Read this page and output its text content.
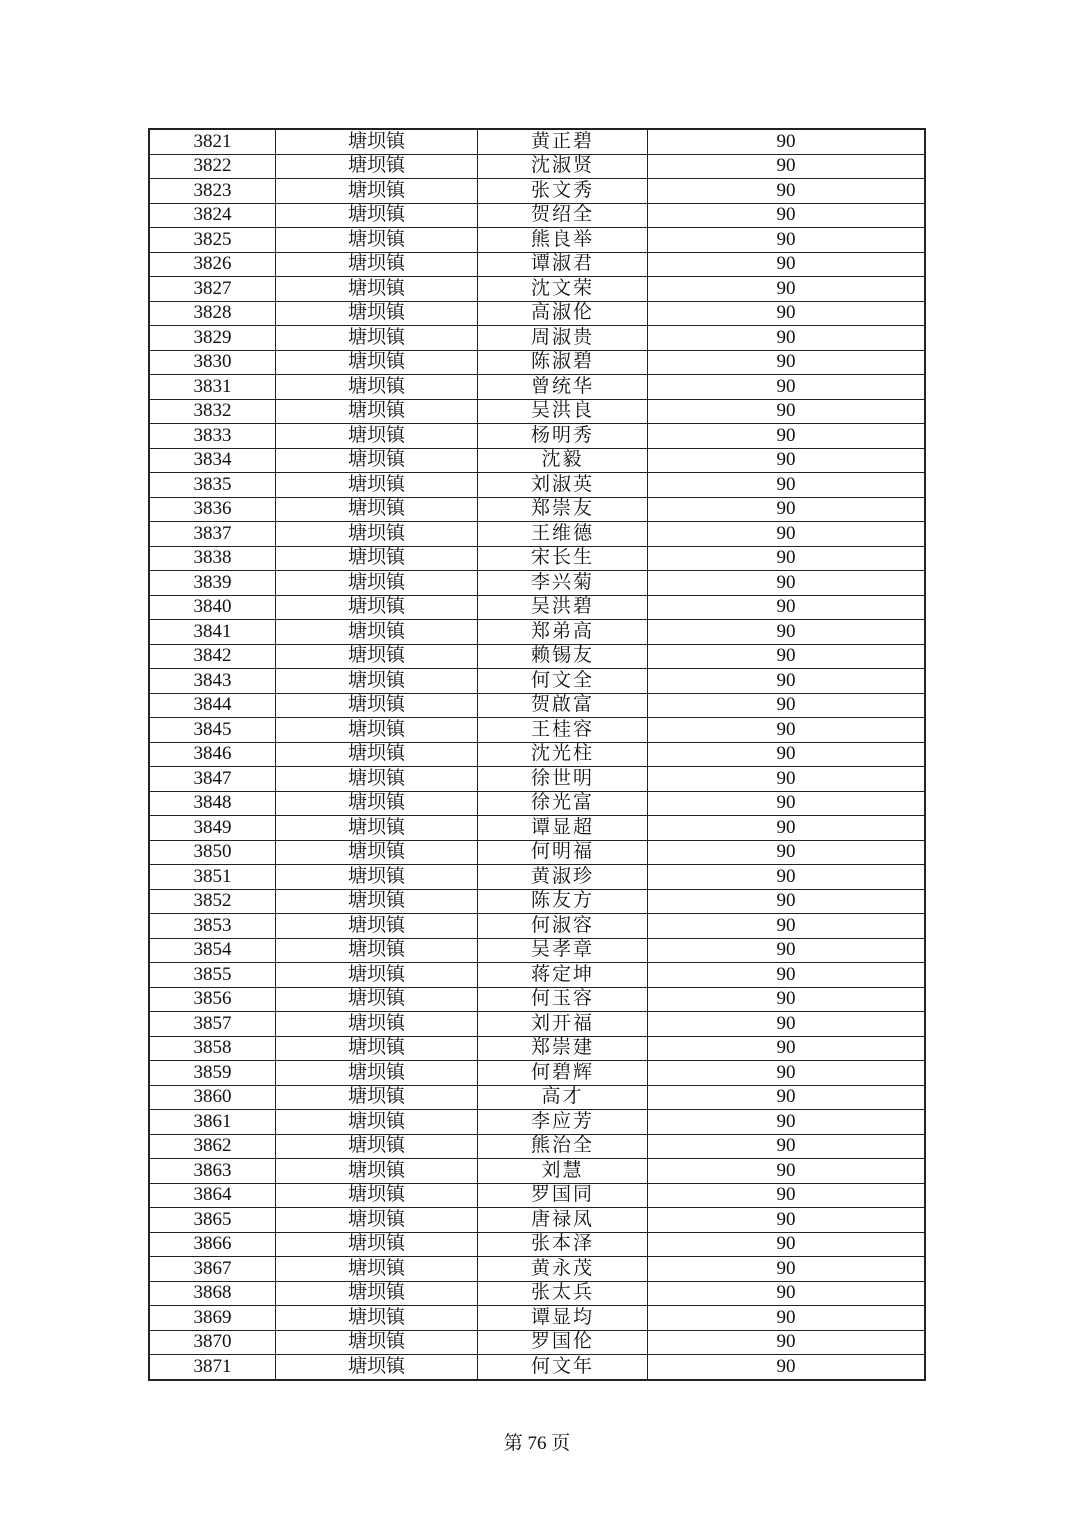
3821	塘坝镇	黄正碧	90
3822	塘坝镇	沈淑贤	90
3823	塘坝镇	张文秀	90
3824	塘坝镇	贺绍全	90
3825	塘坝镇	熊良举	90
3826	塘坝镇	谭淑君	90
3827	塘坝镇	沈文荣	90
3828	塘坝镇	高淑伦	90
3829	塘坝镇	周淑贵	90
3830	塘坝镇	陈淑碧	90
3831	塘坝镇	曾统华	90
3832	塘坝镇	吴洪良	90
3833	塘坝镇	杨明秀	90
3834	塘坝镇	沈毅	90
3835	塘坝镇	刘淑英	90
3836	塘坝镇	郑崇友	90
3837	塘坝镇	王维德	90
3838	塘坝镇	宋长生	90
3839	塘坝镇	李兴菊	90
3840	塘坝镇	吴洪碧	90
3841	塘坝镇	郑弟高	90
3842	塘坝镇	赖锡友	90
3843	塘坝镇	何文全	90
3844	塘坝镇	贺啟富	90
3845	塘坝镇	王桂容	90
3846	塘坝镇	沈光柱	90
3847	塘坝镇	徐世明	90
3848	塘坝镇	徐光富	90
3849	塘坝镇	谭显超	90
3850	塘坝镇	何明福	90
3851	塘坝镇	黄淑珍	90
3852	塘坝镇	陈友方	90
3853	塘坝镇	何淑容	90
3854	塘坝镇	吴孝章	90
3855	塘坝镇	蒋定坤	90
3856	塘坝镇	何玉容	90
3857	塘坝镇	刘开福	90
3858	塘坝镇	郑崇建	90
3859	塘坝镇	何碧辉	90
3860	塘坝镇	高才	90
3861	塘坝镇	李应芳	90
3862	塘坝镇	熊治全	90
3863	塘坝镇	刘慧	90
3864	塘坝镇	罗国同	90
3865	塘坝镇	唐禄凤	90
3866	塘坝镇	张本泽	90
3867	塘坝镇	黄永茂	90
3868	塘坝镇	张太兵	90
3869	塘坝镇	谭显均	90
3870	塘坝镇	罗国伦	90
3871	塘坝镇	何文年	90
第 76 页
